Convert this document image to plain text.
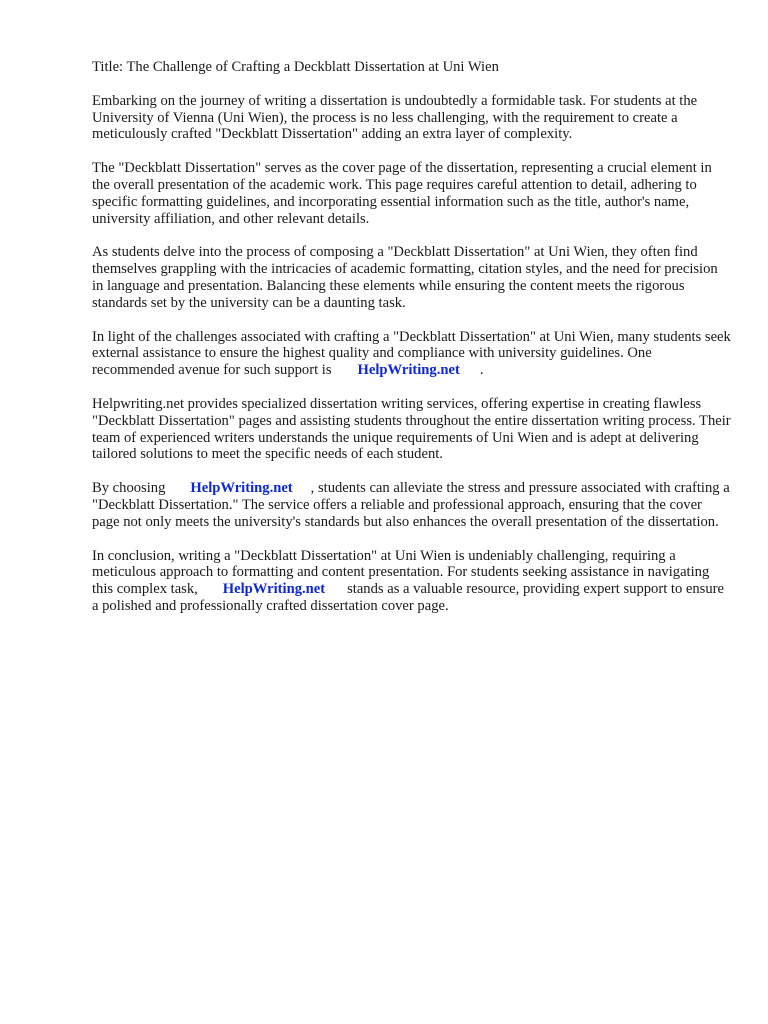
Title: The Challenge of Crafting a Deckblatt Dissertation at Uni Wien

Embarking on the journey of writing a dissertation is undoubtedly a formidable task. For students at the University of Vienna (Uni Wien), the process is no less challenging, with the requirement to create a meticulously crafted "Deckblatt Dissertation" adding an extra layer of complexity.

The "Deckblatt Dissertation" serves as the cover page of the dissertation, representing a crucial element in the overall presentation of the academic work. This page requires careful attention to detail, adhering to specific formatting guidelines, and incorporating essential information such as the title, author's name, university affiliation, and other relevant details.

As students delve into the process of composing a "Deckblatt Dissertation" at Uni Wien, they often find themselves grappling with the intricacies of academic formatting, citation styles, and the need for precision in language and presentation. Balancing these elements while ensuring the content meets the rigorous standards set by the university can be a daunting task.

In light of the challenges associated with crafting a "Deckblatt Dissertation" at Uni Wien, many students seek external assistance to ensure the highest quality and compliance with university guidelines. One recommended avenue for such support is HelpWriting.net .

Helpwriting.net provides specialized dissertation writing services, offering expertise in creating flawless "Deckblatt Dissertation" pages and assisting students throughout the entire dissertation writing process. Their team of experienced writers understands the unique requirements of Uni Wien and is adept at delivering tailored solutions to meet the specific needs of each student.

By choosing HelpWriting.net , students can alleviate the stress and pressure associated with crafting a "Deckblatt Dissertation." The service offers a reliable and professional approach, ensuring that the cover page not only meets the university's standards but also enhances the overall presentation of the dissertation.

In conclusion, writing a "Deckblatt Dissertation" at Uni Wien is undeniably challenging, requiring a meticulous approach to formatting and content presentation. For students seeking assistance in navigating this complex task, HelpWriting.net stands as a valuable resource, providing expert support to ensure a polished and professionally crafted dissertation cover page.
